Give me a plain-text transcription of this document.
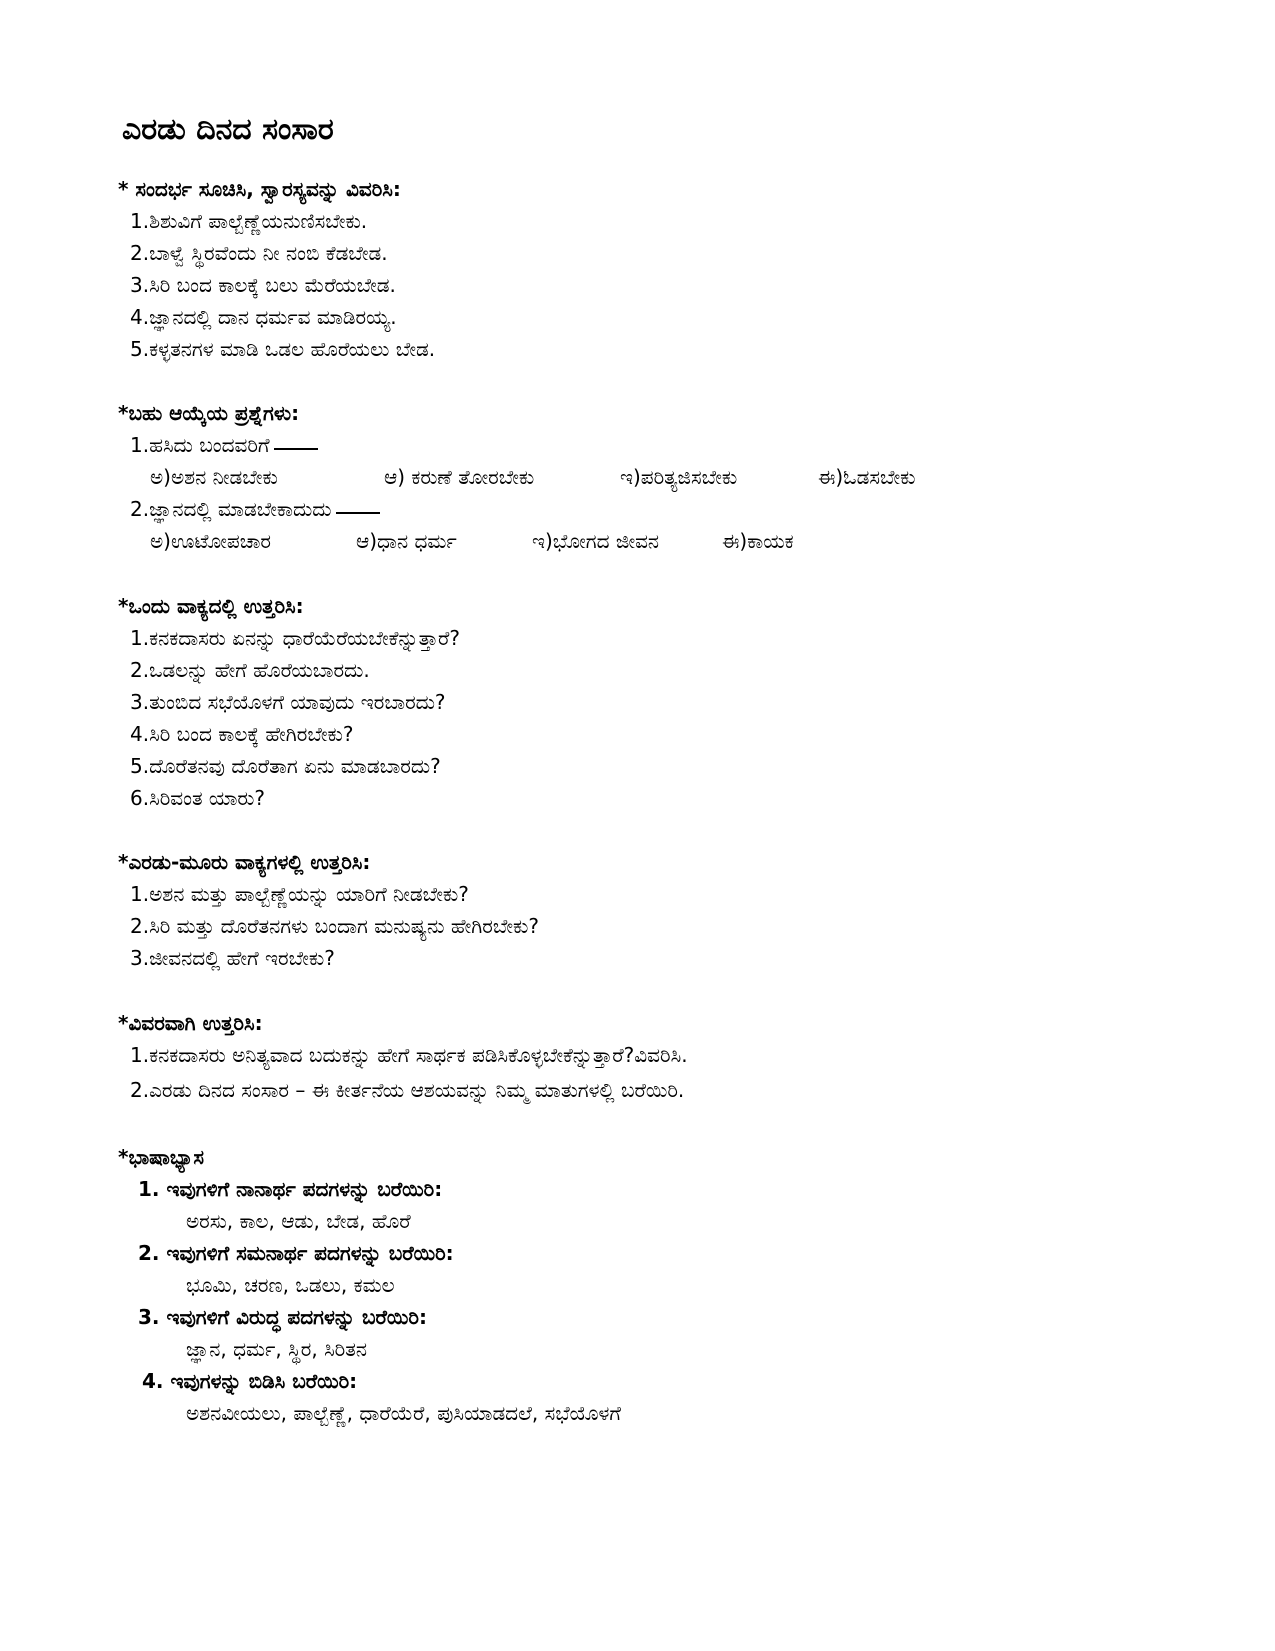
ಎರಡು ದಿನದ ಸಂಸಾರ
* ಸಂದರ್ಭ ಸೂಚಿಸಿ, ಸ್ವಾರಸ್ಯವನ್ನು ವಿವರಿಸಿ:
1.ಶಿಶುವಿಗೆ ಪಾಲ್ಬೆಣ್ಣೆಯನುಣಿಸಬೇಕು.
2.ಬಾಳ್ವೆ ಸ್ಥಿರವೆಂದು ನೀ ನಂಬಿ ಕೆಡಬೇಡ.
3.ಸಿರಿ ಬಂದ ಕಾಲಕ್ಕೆ ಬಲು ಮೆರೆಯಬೇಡ.
4.ಜ್ಞಾನದಲ್ಲಿ ದಾನ ಧರ್ಮವ ಮಾಡಿರಯ್ಯ.
5.ಕಳ್ಳತನಗಳ ಮಾಡಿ ಒಡಲ ಹೊರೆಯಲು ಬೇಡ.
*ಬಹು ಆಯ್ಕೆಯ ಪ್ರಶ್ನೆಗಳು:
1.ಹಸಿದು ಬಂದವರಿಗೆ
ಅ)ಅಶನ ನೀಡಬೇಕು	ಆ) ಕರುಣೆ ತೋರಬೇಕು	ಇ)ಪರಿತ್ಯಜಿಸಬೇಕು	ಈ)ಓಡಸಬೇಕು
2.ಜ್ಞಾನದಲ್ಲಿ ಮಾಡಬೇಕಾದುದು
ಅ)ಊಟೋಪಚಾರ	ಆ)ಧಾನ ಧರ್ಮ	ಇ)ಭೋಗದ ಜೀವನ	ಈ)ಕಾಯಕ
*ಒಂದು ವಾಕ್ಯದಲ್ಲಿ ಉತ್ತರಿಸಿ:
1.ಕನಕದಾಸರು ಏನನ್ನು ಧಾರೆಯೆರೆಯಬೇಕೆನ್ನುತ್ತಾರೆ?
2.ಒಡಲನ್ನು ಹೇಗೆ ಹೊರೆಯಬಾರದು.
3.ತುಂಬಿದ ಸಭೆಯೊಳಗೆ ಯಾವುದು ಇರಬಾರದು?
4.ಸಿರಿ ಬಂದ ಕಾಲಕ್ಕೆ ಹೇಗಿರಬೇಕು?
5.ದೊರೆತನವು ದೊರೆತಾಗ ಏನು ಮಾಡಬಾರದು?
6.ಸಿರಿವಂತ ಯಾರು?
*ಎರಡು-ಮೂರು ವಾಕ್ಯಗಳಲ್ಲಿ ಉತ್ತರಿಸಿ:
1.ಅಶನ ಮತ್ತು ಪಾಲ್ಬೆಣ್ಣೆಯನ್ನು ಯಾರಿಗೆ ನೀಡಬೇಕು?
2.ಸಿರಿ ಮತ್ತು ದೊರೆತನಗಳು ಬಂದಾಗ ಮನುಷ್ಯನು ಹೇಗಿರಬೇಕು?
3.ಜೀವನದಲ್ಲಿ ಹೇಗೆ ಇರಬೇಕು?
*ವಿವರವಾಗಿ ಉತ್ತರಿಸಿ:
1.ಕನಕದಾಸರು ಅನಿತ್ಯವಾದ ಬದುಕನ್ನು ಹೇಗೆ ಸಾರ್ಥಕ ಪಡಿಸಿಕೊಳ್ಳಬೇಕೆನ್ನುತ್ತಾರೆ?ವಿವರಿಸಿ.
2.ಎರಡು ದಿನದ ಸಂಸಾರ – ಈ ಕೀರ್ತನೆಯ ಆಶಯವನ್ನು ನಿಮ್ಮ ಮಾತುಗಳಲ್ಲಿ ಬರೆಯಿರಿ.
*ಭಾಷಾಭ್ಯಾಸ
1. ಇವುಗಳಿಗೆ ನಾನಾರ್ಥ ಪದಗಳನ್ನು ಬರೆಯಿರಿ:
ಅರಸು, ಕಾಲ, ಆಡು, ಬೇಡ, ಹೊರೆ
2. ಇವುಗಳಿಗೆ ಸಮನಾರ್ಥ ಪದಗಳನ್ನು ಬರೆಯಿರಿ:
ಭೂಮಿ, ಚರಣ, ಒಡಲು, ಕಮಲ
3. ಇವುಗಳಿಗೆ ವಿರುದ್ಧ ಪದಗಳನ್ನು ಬರೆಯಿರಿ:
ಜ್ಞಾನ, ಧರ್ಮ, ಸ್ಥಿರ, ಸಿರಿತನ
4. ಇವುಗಳನ್ನು ಬಿಡಿಸಿ ಬರೆಯಿರಿ:
ಅಶನವೀಯಲು, ಪಾಲ್ಬೆಣ್ಣೆ, ಧಾರೆಯೆರೆ, ಪುಸಿಯಾಡದಲೆ, ಸಭೆಯೊಳಗೆ
